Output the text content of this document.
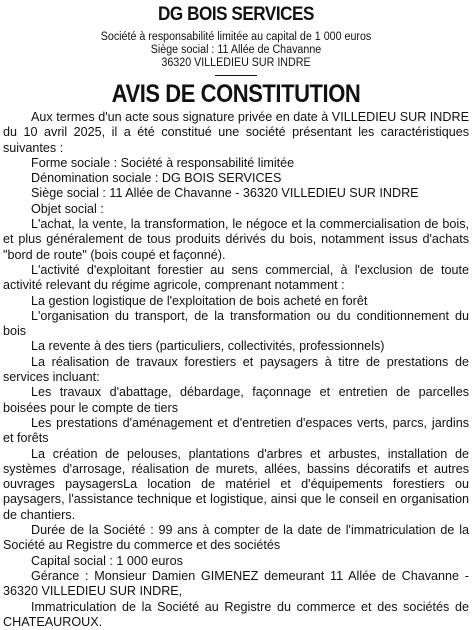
DG BOIS SERVICES
Société à responsabilité limitée au capital de 1 000 euros
Siège social : 11 Allée de Chavanne
36320 VILLEDIEU SUR INDRE
AVIS DE CONSTITUTION

Aux termes d'un acte sous signature privée en date à VILLEDIEU SUR INDRE du 10 avril 2025, il a été constitué une société présentant les caractéristiques suivantes :

Forme sociale : Société à responsabilité limitée

Dénomination sociale : DG BOIS SERVICES

Siège social : 11 Allée de Chavanne - 36320 VILLEDIEU SUR INDRE

Objet social :

L'achat, la vente, la transformation, le négoce et la commercialisation de bois, et plus généralement de tous produits dérivés du bois, notamment issus d'achats "bord de route" (bois coupé et façonné).

L'activité d'exploitant forestier au sens commercial, à l'exclusion de toute activité relevant du régime agricole, comprenant notamment :

La gestion logistique de l'exploitation de bois acheté en forêt

L'organisation du transport, de la transformation ou du conditionnement du bois

La revente à des tiers (particuliers, collectivités, professionnels)

La réalisation de travaux forestiers et paysagers à titre de prestations de services incluant:

Les travaux d'abattage, débardage, façonnage et entretien de parcelles boisées pour le compte de tiers

Les prestations d'aménagement et d'entretien d'espaces verts, parcs, jardins et forêts

La création de pelouses, plantations d'arbres et arbustes, installation de systèmes d'arrosage, réalisation de murets, allées, bassins décoratifs et autres ouvrages paysagersLa location de matériel et d'équipements forestiers ou paysagers, l'assistance technique et logistique, ainsi que le conseil en organisation de chantiers.

Durée de la Société : 99 ans à compter de la date de l'immatriculation de la Société au Registre du commerce et des sociétés

Capital social : 1 000 euros

Gérance : Monsieur Damien GIMENEZ demeurant 11 Allée de Chavanne - 36320 VILLEDIEU SUR INDRE,

Immatriculation de la Société au Registre du commerce et des sociétés de CHATEAUROUX.
